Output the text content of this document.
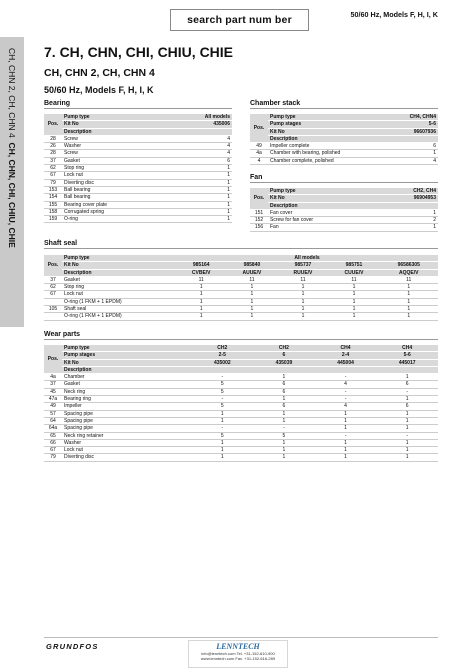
search part num ber	50/60 Hz, Models F, H, I, K
CH, CHN 2, CH, CHN 4  CH, CHN, CHI, CHIU, CHIE
7. CH, CHN, CHI, CHIU, CHIE
CH, CHN 2, CH, CHN 4
50/60 Hz, Models F, H, I, K
Bearing
Pos.	Pump type	All models
	Kit No	435006
	Description	
28	Screw	4
26	Washer	4
28	Screw	4
37	Gasket	6
62	Stop ring	1
67	Lock nut	1
79	Diverting disc	1
153	Ball bearing	1
154	Ball bearing	1
155	Bearing cover plate	1
158	Corrugated spring	1
159	O-ring	1
Chamber stack
Pos.	Pump type	CH4, CHN4
	Pump stages	5-6
	Kit No	96607936
	Description	
49	Impeller complete	6
4a	Chamber with bearing, polished	1
4	Chamber complete, polished	4
Fan
Pos.	Pump type	CH2, CH4
	Kit No	96904953
	Description	
151	Fan cover	1
152	Screw for fan cover	2
156	Fan	1
Shaft seal
Pos.	Pump type	All models				
	Kit No	985164	985840	985737	985751	96586305
	Description	CVBE/V	AUUE/V	RUUE/V	CUUE/V	AQQE/V
37	Gasket	11	11	11	11	11
62	Stop ring	1	1	1	1	1
67	Lock nut	1	1	1	1	1
	O-ring (1 FKM + 1 EPDM)	1	1	1	1	1
105	Shaft seal	1	1	1	1	1
	O-ring (1 FKM + 1 EPDM)	1	1	1	1	1
Wear parts
Pos.	Pump type	CH2	CH2	CH4	CH4
	Pump stages	2-5	6	2-4	5-6
	Kit No	435002	435039	445004	445017
	Description				
4a	Chamber	-	1	-	1
37	Gasket	5	6	4	6
45	Neck ring	5	6	-	-
47a	Bearing ring	-	1	-	1
49	Impeller	5	6	4	6
57	Spacing pipe	1	1	1	1
64	Spacing pipe	1	1	1	1
64a	Spacing pipe	-	-	1	1
65	Neck ring retainer	5	5	-	-
66	Washer	1	1	1	1
67	Lock nut	1	1	1	1
79	Diverting disc	1	1	1	1
GRUNDFOS	LENNTECH
info@lenntech.com Tel. +31-152-610-900
www.lenntech.com Fax. +31-152-616-289
